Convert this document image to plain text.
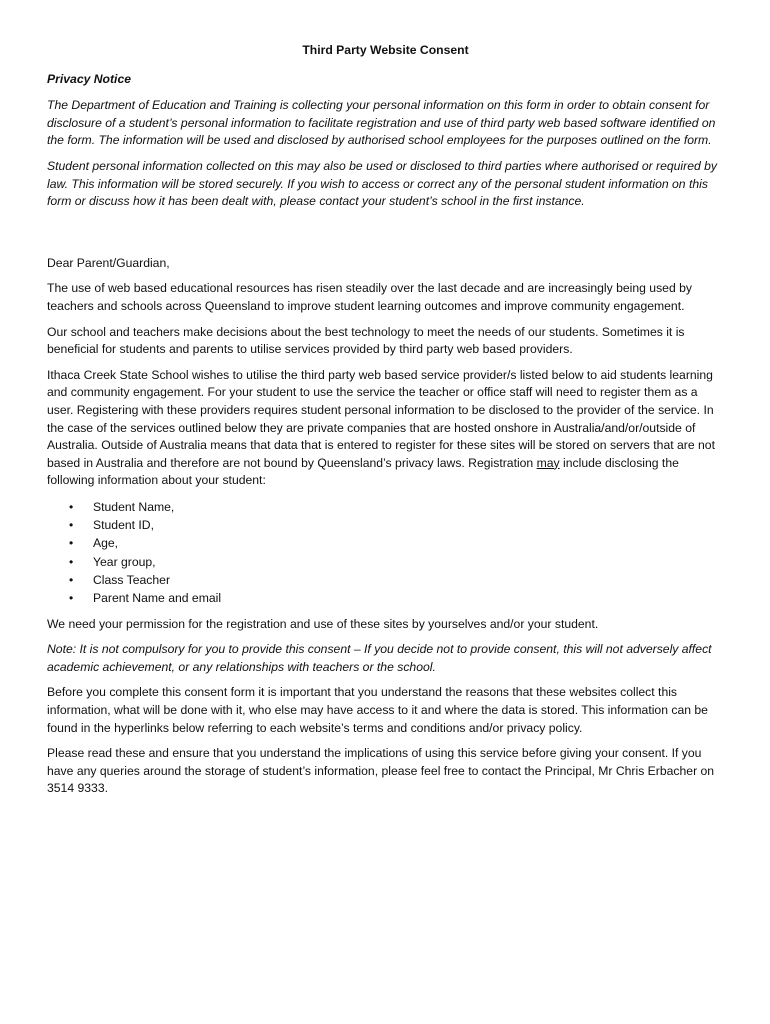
Third Party Website Consent
Privacy Notice

The Department of Education and Training is collecting your personal information on this form in order to obtain consent for disclosure of a student’s personal information to facilitate registration and use of third party web based software identified on the form. The information will be used and disclosed by authorised school employees for the purposes outlined on the form.

Student personal information collected on this may also be used or disclosed to third parties where authorised or required by law. This information will be stored securely. If you wish to access or correct any of the personal student information on this form or discuss how it has been dealt with, please contact your student’s school in the first instance.

Dear Parent/Guardian,

The use of web based educational resources has risen steadily over the last decade and are increasingly being used by teachers and schools across Queensland to improve student learning outcomes and improve community engagement.

Our school and teachers make decisions about the best technology to meet the needs of our students. Sometimes it is beneficial for students and parents to utilise services provided by third party web based providers.

Ithaca Creek State School wishes to utilise the third party web based service provider/s listed below to aid students learning and community engagement. For your student to use the service the teacher or office staff will need to register them as a user. Registering with these providers requires student personal information to be disclosed to the provider of the service. In the case of the services outlined below they are private companies that are hosted onshore in Australia/and/or/outside of Australia. Outside of Australia means that data that is entered to register for these sites will be stored on servers that are not based in Australia and therefore are not bound by Queensland’s privacy laws. Registration may include disclosing the following information about your student:

• Student Name,
• Student ID,
• Age,
• Year group,
• Class Teacher
• Parent Name and email

We need your permission for the registration and use of these sites by yourselves and/or your student.

Note: It is not compulsory for you to provide this consent – If you decide not to provide consent, this will not adversely affect academic achievement, or any relationships with teachers or the school.

Before you complete this consent form it is important that you understand the reasons that these websites collect this information, what will be done with it, who else may have access to it and where the data is stored. This information can be found in the hyperlinks below referring to each website’s terms and conditions and/or privacy policy.

Please read these and ensure that you understand the implications of using this service before giving your consent. If you have any queries around the storage of student’s information, please feel free to contact the Principal, Mr Chris Erbacher on 3514 9333.
